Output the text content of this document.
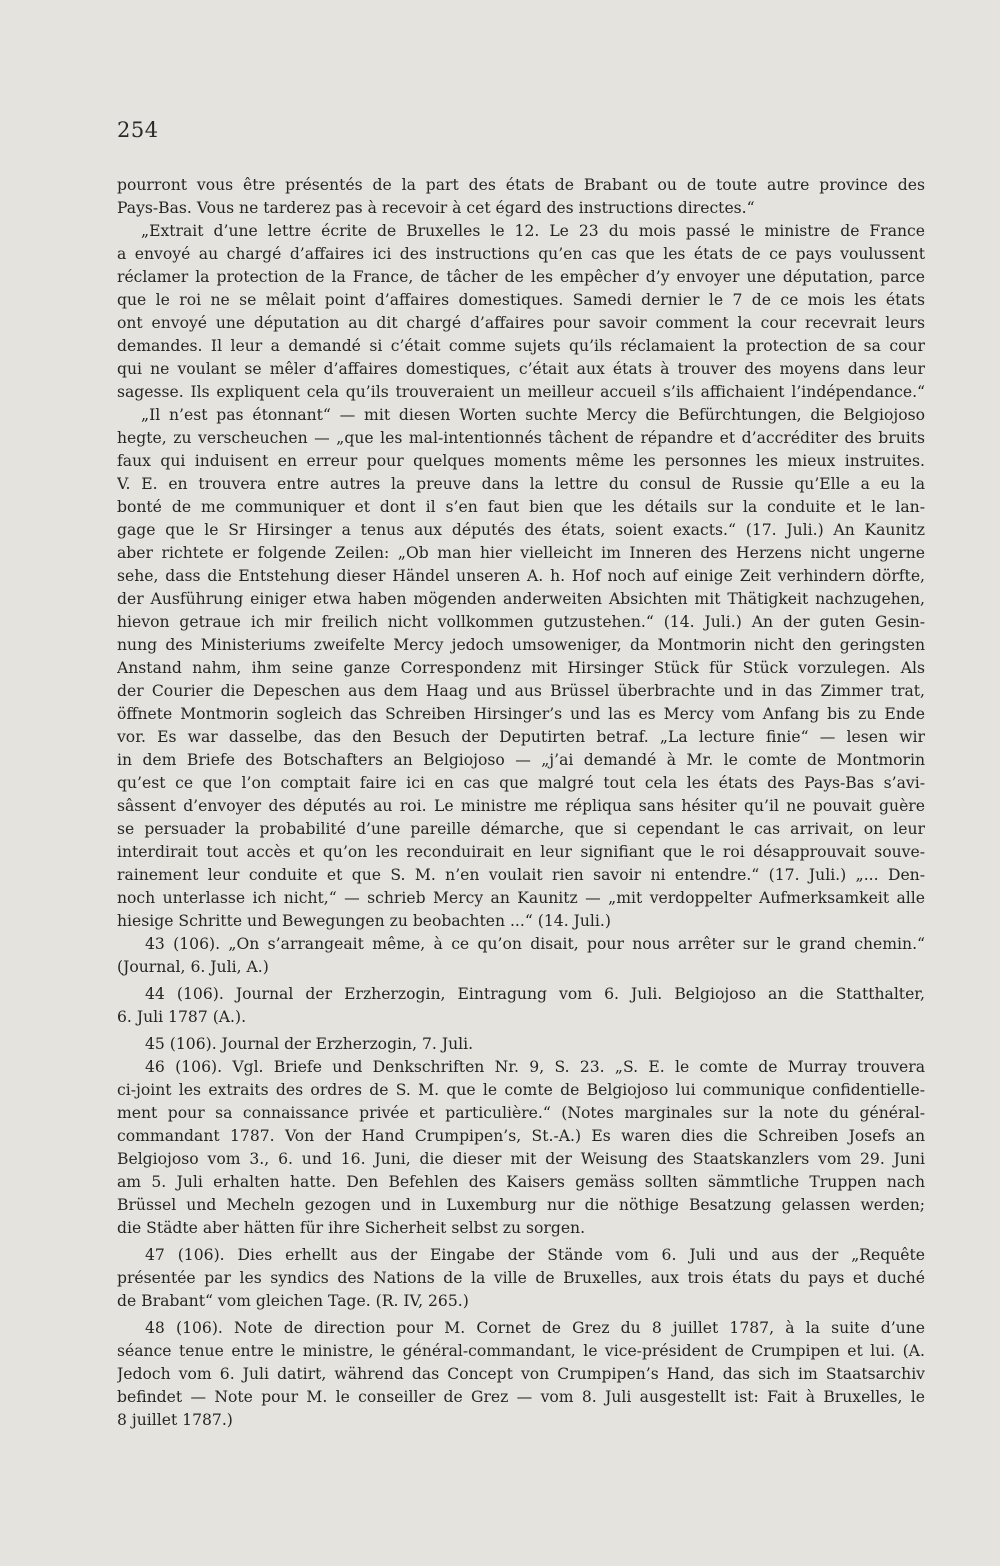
254
pourront vous être présentés de la part des états de Brabant ou de toute autre province des
Pays-Bas. Vous ne tarderez pas à recevoir à cet égard des instructions directes.“
„Extrait d’une lettre écrite de Bruxelles le 12. Le 23 du mois passé le ministre de France
a envoyé au chargé d’affaires ici des instructions qu’en cas que les états de ce pays voulussent
réclamer la protection de la France, de tâcher de les empêcher d’y envoyer une députation, parce
que le roi ne se mêlait point d’affaires domestiques. Samedi dernier le 7 de ce mois les états
ont envoyé une députation au dit chargé d’affaires pour savoir comment la cour recevrait leurs
demandes. Il leur a demandé si c’était comme sujets qu’ils réclamaient la protection de sa cour
qui ne voulant se mêler d’affaires domestiques, c’était aux états à trouver des moyens dans leur
sagesse. Ils expliquent cela qu’ils trouveraient un meilleur accueil s’ils affichaient l’indépendance.“
„Il n’est pas étonnant“ — mit diesen Worten suchte Mercy die Befürchtungen, die Belgiojoso
hegte, zu verscheuchen — „que les mal-intentionnés tâchent de répandre et d’accréditer des bruits
faux qui induisent en erreur pour quelques moments même les personnes les mieux instruites.
V. E. en trouvera entre autres la preuve dans la lettre du consul de Russie qu’Elle a eu la
bonté de me communiquer et dont il s’en faut bien que les détails sur la conduite et le lan-
gage que le Sr Hirsinger a tenus aux députés des états, soient exacts.“ (17. Juli.) An Kaunitz
aber richtete er folgende Zeilen: „Ob man hier vielleicht im Inneren des Herzens nicht ungerne
sehe, dass die Entstehung dieser Händel unseren A. h. Hof noch auf einige Zeit verhindern dörfte,
der Ausführung einiger etwa haben mögenden anderweiten Absichten mit Thätigkeit nachzugehen,
hievon getraue ich mir freilich nicht vollkommen gutzustehen.“ (14. Juli.) An der guten Gesin-
nung des Ministeriums zweifelte Mercy jedoch umsoweniger, da Montmorin nicht den geringsten
Anstand nahm, ihm seine ganze Correspondenz mit Hirsinger Stück für Stück vorzulegen. Als
der Courier die Depeschen aus dem Haag und aus Brüssel überbrachte und in das Zimmer trat,
öffnete Montmorin sogleich das Schreiben Hirsinger’s und las es Mercy vom Anfang bis zu Ende
vor. Es war dasselbe, das den Besuch der Deputirten betraf. „La lecture finie“ — lesen wir
in dem Briefe des Botschafters an Belgiojoso — „j’ai demandé à Mr. le comte de Montmorin
qu’est ce que l’on comptait faire ici en cas que malgré tout cela les états des Pays-Bas s’avi-
sâssent d’envoyer des députés au roi. Le ministre me répliqua sans hésiter qu’il ne pouvait guère
se persuader la probabilité d’une pareille démarche, que si cependant le cas arrivait, on leur
interdirait tout accès et qu’on les reconduirait en leur signifiant que le roi désapprouvait souve-
rainement leur conduite et que S. M. n’en voulait rien savoir ni entendre.“ (17. Juli.) „... Den-
noch unterlasse ich nicht,“ — schrieb Mercy an Kaunitz — „mit verdoppelter Aufmerksamkeit alle
hiesige Schritte und Bewegungen zu beobachten ...“ (14. Juli.)
43 (106). „On s’arrangeait même, à ce qu’on disait, pour nous arrêter sur le grand chemin.“
(Journal, 6. Juli, A.)
44 (106). Journal der Erzherzogin, Eintragung vom 6. Juli. Belgiojoso an die Statthalter,
6. Juli 1787 (A.).
45 (106). Journal der Erzherzogin, 7. Juli.
46 (106). Vgl. Briefe und Denkschriften Nr. 9, S. 23. „S. E. le comte de Murray trouvera
ci-joint les extraits des ordres de S. M. que le comte de Belgiojoso lui communique confidentielle-
ment pour sa connaissance privée et particulière.“ (Notes marginales sur la note du général-
commandant 1787. Von der Hand Crumpipen’s, St.-A.) Es waren dies die Schreiben Josefs an
Belgiojoso vom 3., 6. und 16. Juni, die dieser mit der Weisung des Staatskanzlers vom 29. Juni
am 5. Juli erhalten hatte. Den Befehlen des Kaisers gemäss sollten sämmtliche Truppen nach
Brüssel und Mecheln gezogen und in Luxemburg nur die nöthige Besatzung gelassen werden;
die Städte aber hätten für ihre Sicherheit selbst zu sorgen.
47 (106). Dies erhellt aus der Eingabe der Stände vom 6. Juli und aus der „Requête
présentée par les syndics des Nations de la ville de Bruxelles, aux trois états du pays et duché
de Brabant“ vom gleichen Tage. (R. IV, 265.)
48 (106). Note de direction pour M. Cornet de Grez du 8 juillet 1787, à la suite d’une
séance tenue entre le ministre, le général-commandant, le vice-président de Crumpipen et lui. (A.
Jedoch vom 6. Juli datirt, während das Concept von Crumpipen’s Hand, das sich im Staatsarchiv
befindet — Note pour M. le conseiller de Grez — vom 8. Juli ausgestellt ist: Fait à Bruxelles, le
8 juillet 1787.)
